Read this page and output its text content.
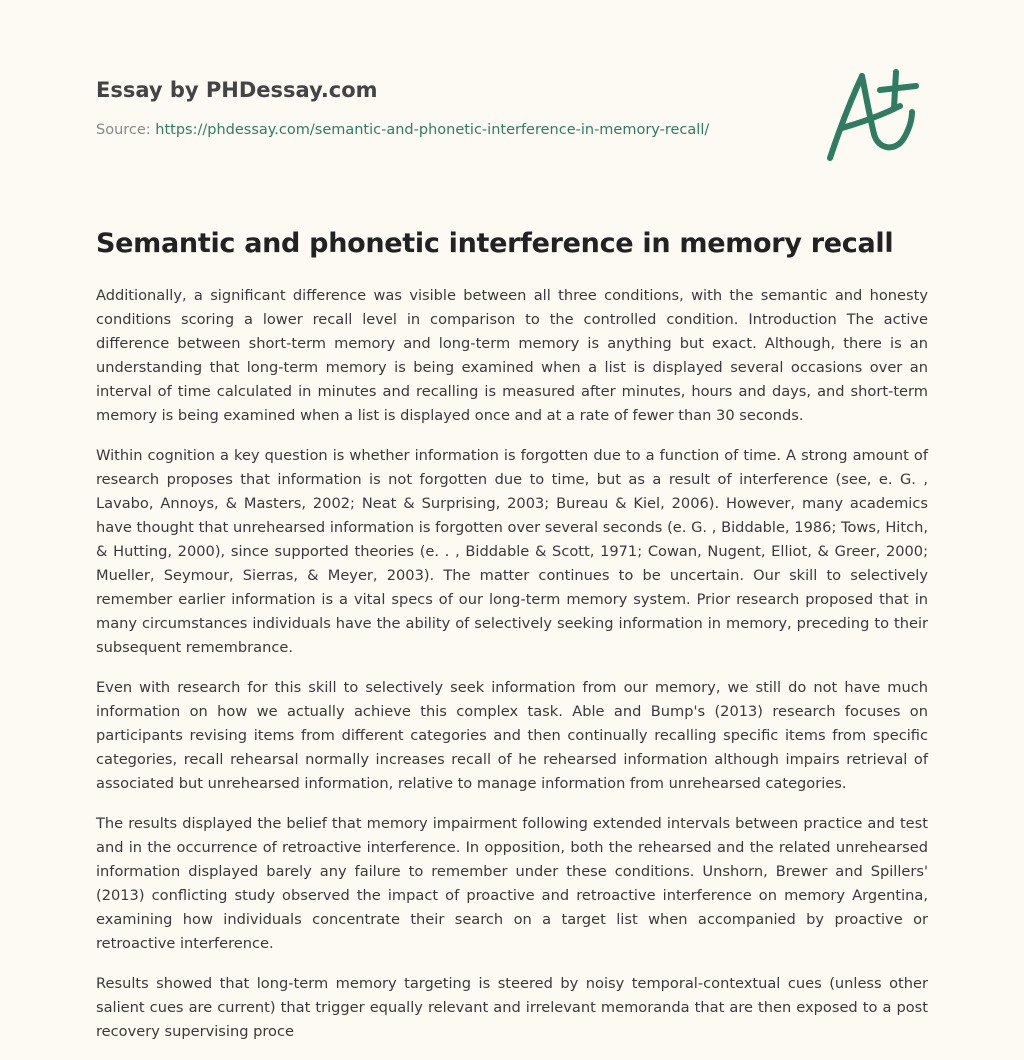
Essay by PHDessay.com
Source: https://phdessay.com/semantic-and-phonetic-interference-in-memory-recall/
Semantic and phonetic interference in memory recall

Additionally, a significant difference was visible between all three conditions, with the semantic and honesty conditions scoring a lower recall level in comparison to the controlled condition. Introduction The active difference between short-term memory and long-term memory is anything but exact. Although, there is an understanding that long-term memory is being examined when a list is displayed several occasions over an interval of time calculated in minutes and recalling is measured after minutes, hours and days, and short-term memory is being examined when a list is displayed once and at a rate of fewer than 30 seconds.

Within cognition a key question is whether information is forgotten due to a function of time. A strong amount of research proposes that information is not forgotten due to time, but as a result of interference (see, e. G. , Lavabo, Annoys, & Masters, 2002; Neat & Surprising, 2003; Bureau & Kiel, 2006). However, many academics have thought that unrehearsed information is forgotten over several seconds (e. G. , Biddable, 1986; Tows, Hitch, & Hutting, 2000), since supported theories (e. . , Biddable & Scott, 1971; Cowan, Nugent, Elliot, & Greer, 2000; Mueller, Seymour, Sierras, & Meyer, 2003). The matter continues to be uncertain. Our skill to selectively remember earlier information is a vital specs of our long-term memory system. Prior research proposed that in many circumstances individuals have the ability of selectively seeking information in memory, preceding to their subsequent remembrance.

Even with research for this skill to selectively seek information from our memory, we still do not have much information on how we actually achieve this complex task. Able and Bump's (2013) research focuses on participants revising items from different categories and then continually recalling specific items from specific categories, recall rehearsal normally increases recall of he rehearsed information although impairs retrieval of associated but unrehearsed information, relative to manage information from unrehearsed categories.

The results displayed the belief that memory impairment following extended intervals between practice and test and in the occurrence of retroactive interference. In opposition, both the rehearsed and the related unrehearsed information displayed barely any failure to remember under these conditions. Unshorn, Brewer and Spillers' (2013) conflicting study observed the impact of proactive and retroactive interference on memory Argentina, examining how individuals concentrate their search on a target list when accompanied by proactive or retroactive interference.

Results showed that long-term memory targeting is steered by noisy temporal-contextual cues (unless other salient cues are current) that trigger equally relevant and irrelevant memoranda that are then exposed to a post recovery supervising proce
